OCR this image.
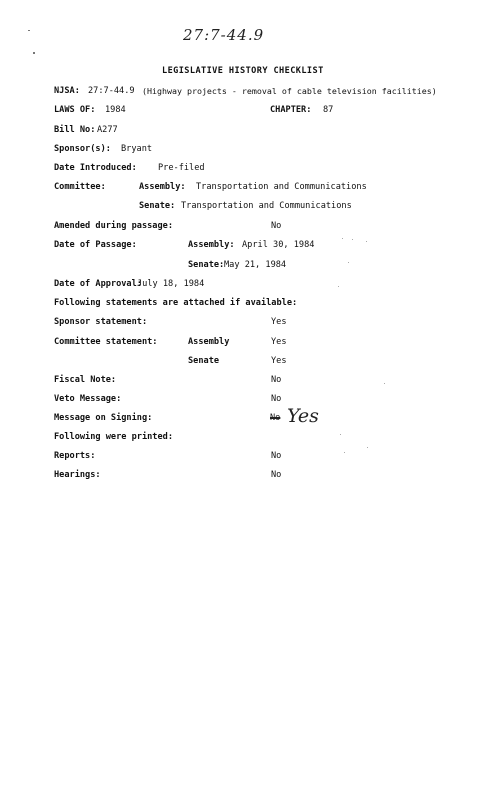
27:7-44.9
LEGISLATIVE HISTORY CHECKLIST
NJSA: 27:7-44.9 (Highway projects - removal of cable television facilities)
LAWS OF: 1984	CHAPTER: 87
Bill No: A277
Sponsor(s): Bryant
Date Introduced: Pre-filed
Committee:	Assembly: Transportation and Communications
Senate: Transportation and Communications
Amended during passage:	No
Date of Passage:	Assembly: April 30, 1984
Senate: May 21, 1984
Date of Approval:
July 18, 1984
Following statements are attached if available:
Sponsor statement:	Yes
Committee statement:	Assembly	Yes
Senate	Yes
Fiscal Note:	No
Veto Message:	No
Message on Signing:	No Yes
Following were printed:
Reports:	No
Hearings:	No
